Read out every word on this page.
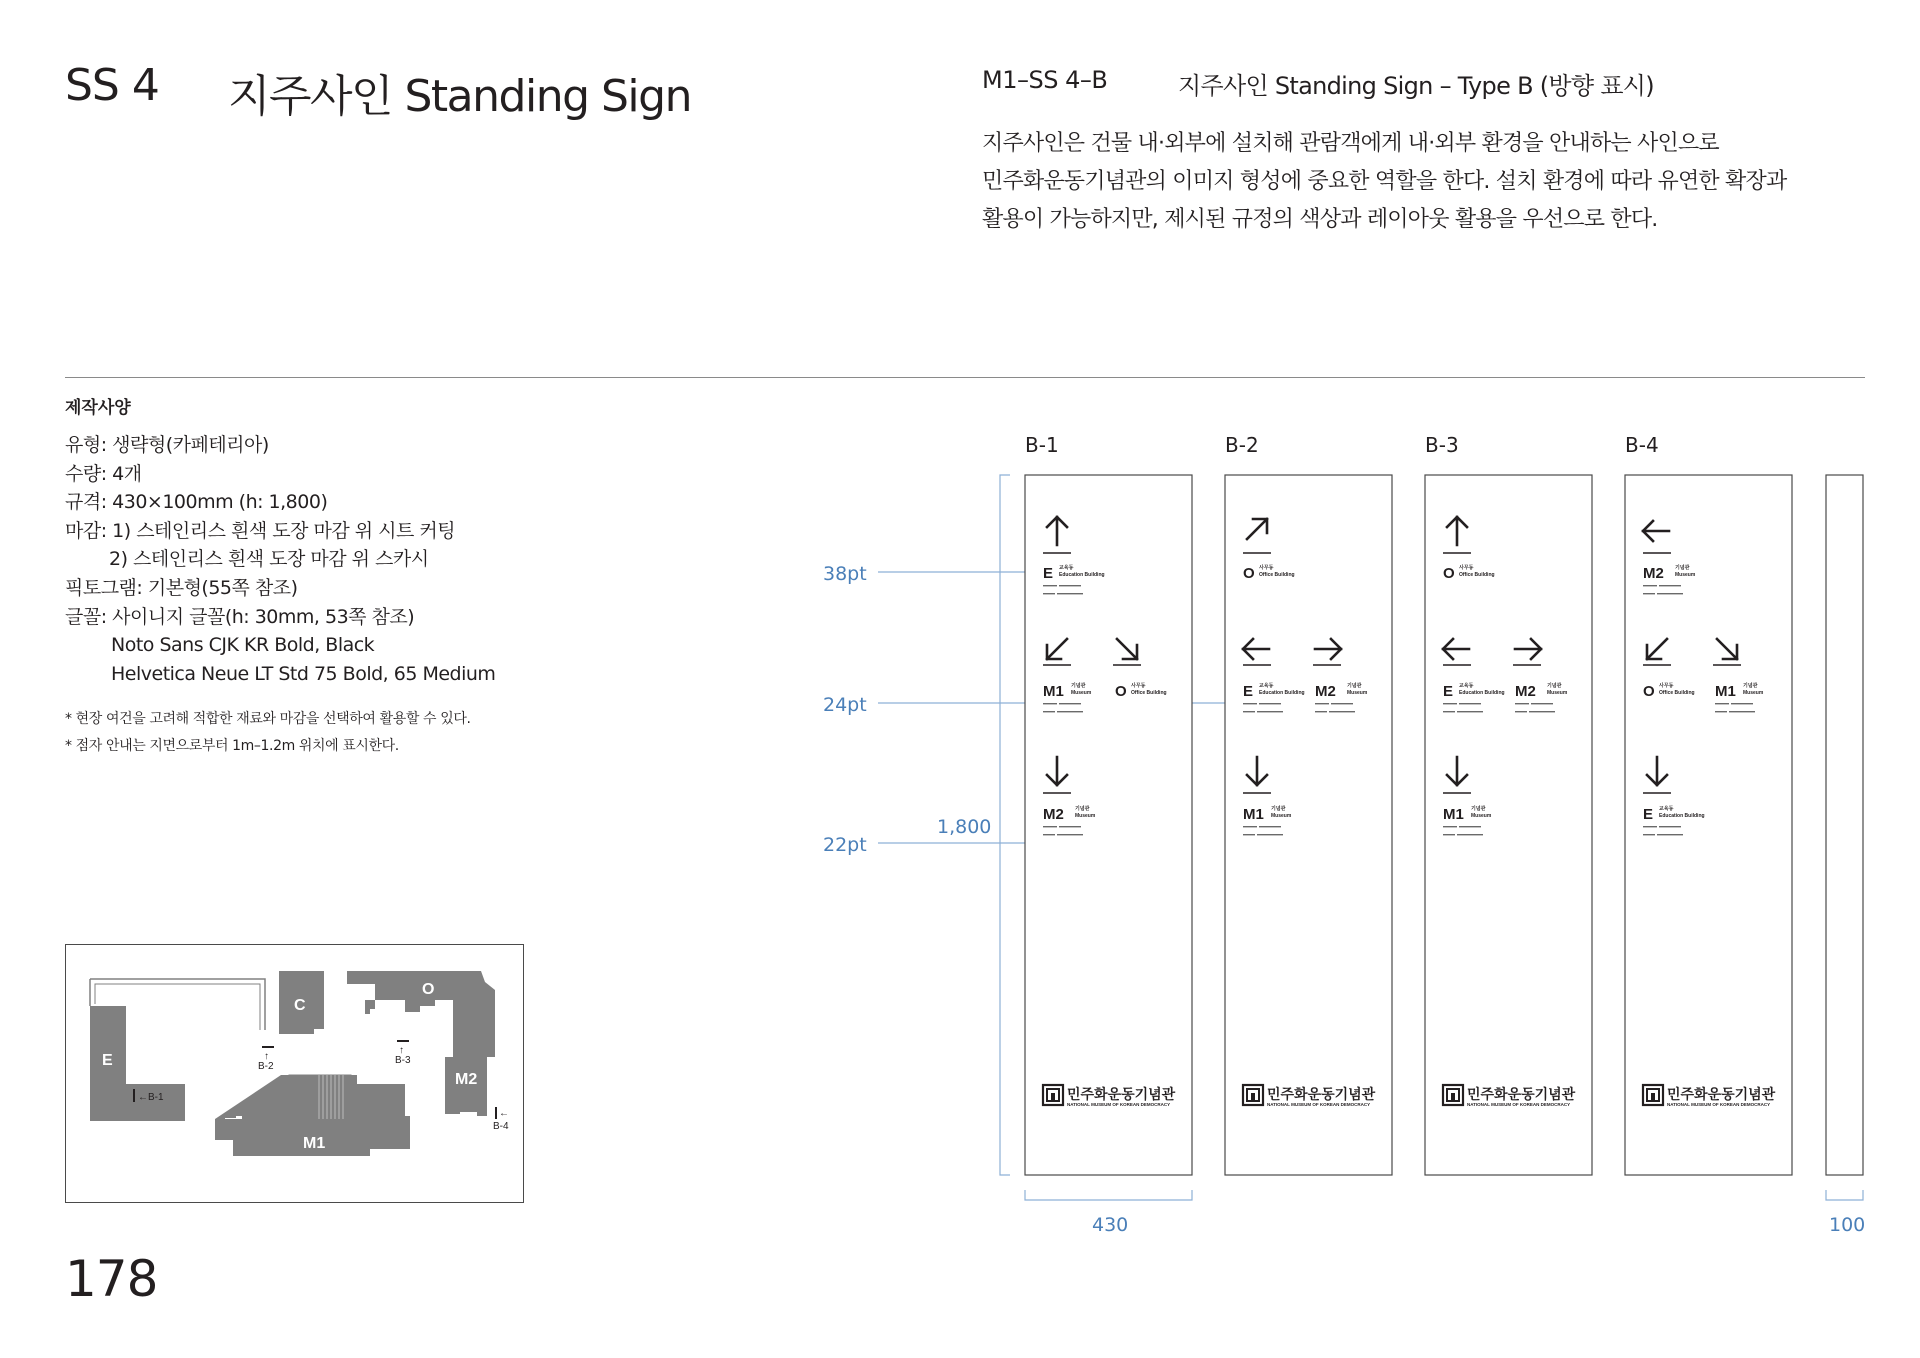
SS 4 지주사인 Standing Sign	M1–SS 4–B	지주사인 Standing Sign – Type B (방향 표시)
지주사인은 건물 내·외부에 설치해 관람객에게 내·외부 환경을 안내하는 사인으로
민주화운동기념관의 이미지 형성에 중요한 역할을 한다. 설치 환경에 따라 유연한 확장과
활용이 가능하지만, 제시된 규정의 색상과 레이아웃 활용을 우선으로 한다.
제작사양
유형: 생략형(카페테리아)
수량: 4개
규격: 430×100mm (h: 1,800)
마감: 1) 스테인리스 흰색 도장 마감 위 시트 커팅
2) 스테인리스 흰색 도장 마감 위 스카시
픽토그램: 기본형(55쪽 참조)
글꼴: 사이니지 글꼴(h: 30mm, 53쪽 참조)
Noto Sans CJK KR Bold, Black
Helvetica Neue LT Std 75 Bold, 65 Medium
* 현장 여건을 고려해 적합한 재료와 마감을 선택하여 활용할 수 있다.
* 점자 안내는 지면으로부터 1m–1.2m 위치에 표시한다.
E
C
O
M1
M2
←B-1
↑
B-2
↑
B-3
←
B-4
178
38pt
24pt
22pt
1,800
430	100
B-1	B-2	B-3	B-4
E 교육동
Education Building
M1 기념관
Museum O 사무동
Office Building
M2 기념관
Museum
민주화운동기념관
NATIONAL MUSEUM OF KOREAN DEMOCRACY
O 사무동
Office Building
E 교육동
Education Building M2 기념관
Museum
M1 기념관
Museum
민주화운동기념관
NATIONAL MUSEUM OF KOREAN DEMOCRACY
O 사무동
Office Building
E 교육동
Education Building M2 기념관
Museum
M1 기념관
Museum
민주화운동기념관
NATIONAL MUSEUM OF KOREAN DEMOCRACY
M2 기념관
Museum
O 사무동
Office Building M1 기념관
Museum
E 교육동
Education Building
민주화운동기념관
NATIONAL MUSEUM OF KOREAN DEMOCRACY
